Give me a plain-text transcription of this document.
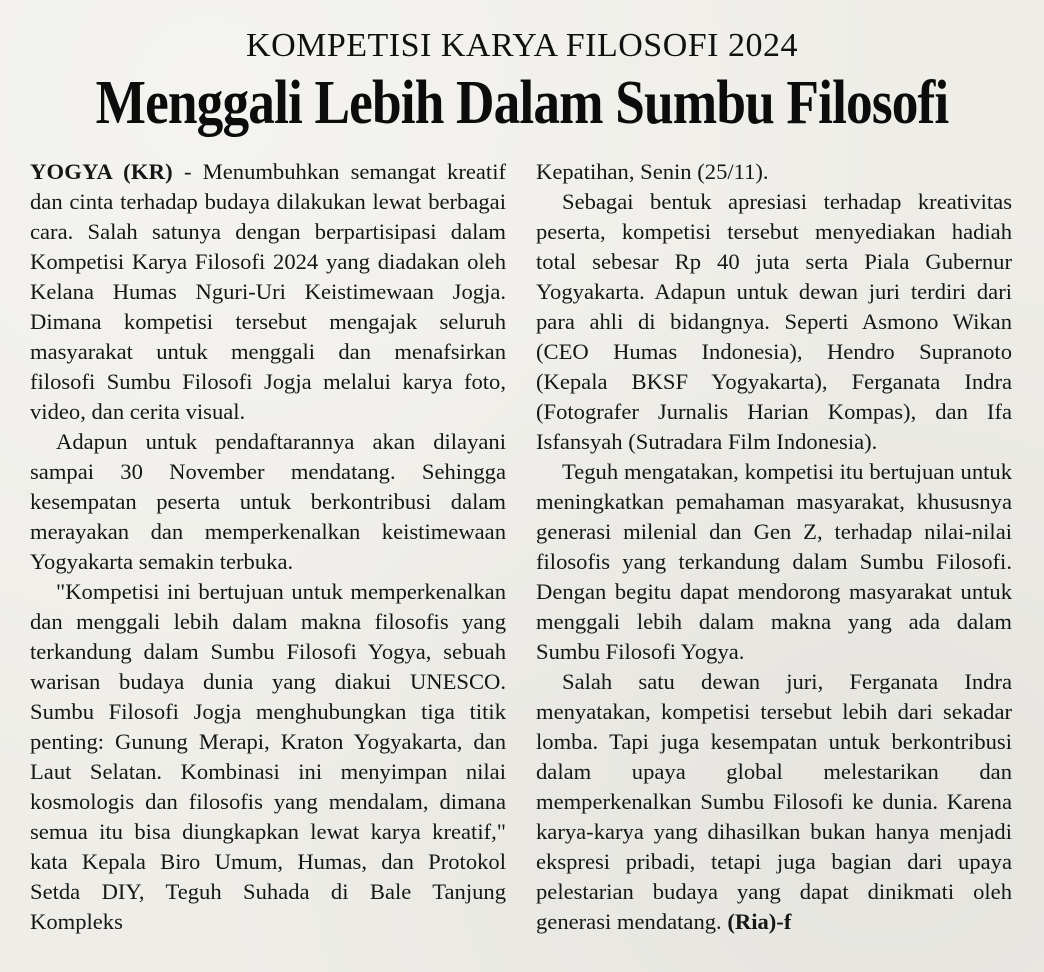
KOMPETISI KARYA FILOSOFI 2024
Menggali Lebih Dalam Sumbu Filosofi

YOGYA (KR) - Menumbuhkan semangat kreatif dan cinta terhadap budaya dilakukan lewat berbagai cara. Salah satunya dengan berpartisipasi dalam Kompetisi Karya Filosofi 2024 yang diadakan oleh Kelana Humas Nguri-Uri Keistimewaan Jogja. Dimana kompetisi tersebut mengajak seluruh masyarakat untuk menggali dan menafsirkan filosofi Sumbu Filosofi Jogja melalui karya foto, video, dan cerita visual.

Adapun untuk pendaftarannya akan dilayani sampai 30 November mendatang. Sehingga kesempatan peserta untuk berkontribusi dalam merayakan dan memperkenalkan keistimewaan Yogyakarta semakin terbuka.

"Kompetisi ini bertujuan untuk memperkenalkan dan menggali lebih dalam makna filosofis yang terkandung dalam Sumbu Filosofi Yogya, sebuah warisan budaya dunia yang diakui UNESCO. Sumbu Filosofi Jogja menghubungkan tiga titik penting: Gunung Merapi, Kraton Yogyakarta, dan Laut Selatan. Kombinasi ini menyimpan nilai kosmologis dan filosofis yang mendalam, dimana semua itu bisa diungkapkan lewat karya kreatif," kata Kepala Biro Umum, Humas, dan Protokol Setda DIY, Teguh Suhada di Bale Tanjung Kompleks

Kepatihan, Senin (25/11).

Sebagai bentuk apresiasi terhadap kreativitas peserta, kompetisi tersebut menyediakan hadiah total sebesar Rp 40 juta serta Piala Gubernur Yogyakarta. Adapun untuk dewan juri terdiri dari para ahli di bidangnya. Seperti Asmono Wikan (CEO Humas Indonesia), Hendro Supranoto (Kepala BKSF Yogyakarta), Ferganata Indra (Fotografer Jurnalis Harian Kompas), dan Ifa Isfansyah (Sutradara Film Indonesia).

Teguh mengatakan, kompetisi itu bertujuan untuk meningkatkan pemahaman masyarakat, khususnya generasi milenial dan Gen Z, terhadap nilai-nilai filosofis yang terkandung dalam Sumbu Filosofi. Dengan begitu dapat mendorong masyarakat untuk menggali lebih dalam makna yang ada dalam Sumbu Filosofi Yogya.

Salah satu dewan juri, Ferganata Indra menyatakan, kompetisi tersebut lebih dari sekadar lomba. Tapi juga kesempatan untuk berkontribusi dalam upaya global melestarikan dan memperkenalkan Sumbu Filosofi ke dunia. Karena karya-karya yang dihasilkan bukan hanya menjadi ekspresi pribadi, tetapi juga bagian dari upaya pelestarian budaya yang dapat dinikmati oleh generasi mendatang. (Ria)-f
